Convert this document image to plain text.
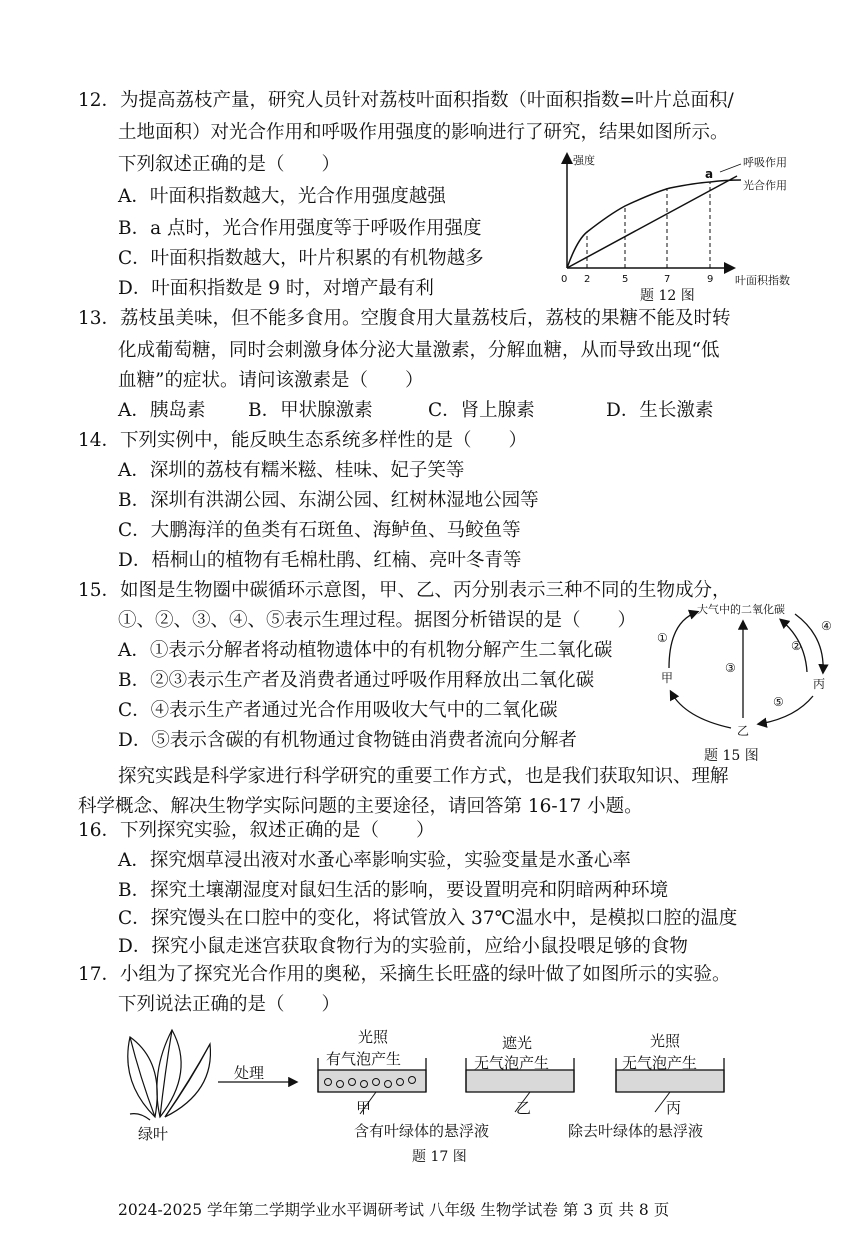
12．为提高荔枝产量，研究人员针对荔枝叶面积指数（叶面积指数=叶片总面积/
土地面积）对光合作用和呼吸作用强度的影响进行了研究，结果如图所示。
下列叙述正确的是（　　）
A．叶面积指数越大，光合作用强度越强
B．a 点时，光合作用强度等于呼吸作用强度
C．叶面积指数越大，叶片积累的有机物越多
D．叶面积指数是 9 时，对增产最有利
强度
叶面积指数
a
呼吸作用
光合作用
0 2	5	7	9
题 12 图
13．荔枝虽美味，但不能多食用。空腹食用大量荔枝后，荔枝的果糖不能及时转
化成葡萄糖，同时会刺激身体分泌大量激素，分解血糖，从而导致出现“低
血糖”的症状。请问该激素是（　　）
A．胰岛素 B．甲状腺激素	C．肾上腺素	D．生长激素
14．下列实例中，能反映生态系统多样性的是（　　）
A．深圳的荔枝有糯米糍、桂味、妃子笑等
B．深圳有洪湖公园、东湖公园、红树林湿地公园等
C．大鹏海洋的鱼类有石斑鱼、海鲈鱼、马鲛鱼等
D．梧桐山的植物有毛棉杜鹃、红楠、亮叶冬青等
15．如图是生物圈中碳循环示意图，甲、乙、丙分别表示三种不同的生物成分，
①、②、③、④、⑤表示生理过程。据图分析错误的是（　　）
A．①表示分解者将动植物遗体中的有机物分解产生二氧化碳
B．②③表示生产者及消费者通过呼吸作用释放出二氧化碳
C．④表示生产者通过光合作用吸收大气中的二氧化碳
D．⑤表示含碳的有机物通过食物链由消费者流向分解者
大气中的二氧化碳
甲	丙
乙
①
③
②
④
⑤
题 15 图
探究实践是科学家进行科学研究的重要工作方式，也是我们获取知识、理解
科学概念、解决生物学实际问题的主要途径，请回答第 16-17 小题。
16．下列探究实验，叙述正确的是（　　）
A．探究烟草浸出液对水蚤心率影响实验，实验变量是水蚤心率
B．探究土壤潮湿度对鼠妇生活的影响，要设置明亮和阴暗两种环境
C．探究馒头在口腔中的变化，将试管放入 37℃温水中，是模拟口腔的温度
D．探究小鼠走迷宫获取食物行为的实验前，应给小鼠投喂足够的食物
17．小组为了探究光合作用的奥秘，采摘生长旺盛的绿叶做了如图所示的实验。
下列说法正确的是（　　）
绿叶
处理
光照
有气泡产生
甲
遮光
无气泡产生
乙
光照
无气泡产生
丙
含有叶绿体的悬浮液	除去叶绿体的悬浮液
题 17 图
2024-2025 学年第二学期学业水平调研考试 八年级 生物学试卷 第 3 页 共 8 页
